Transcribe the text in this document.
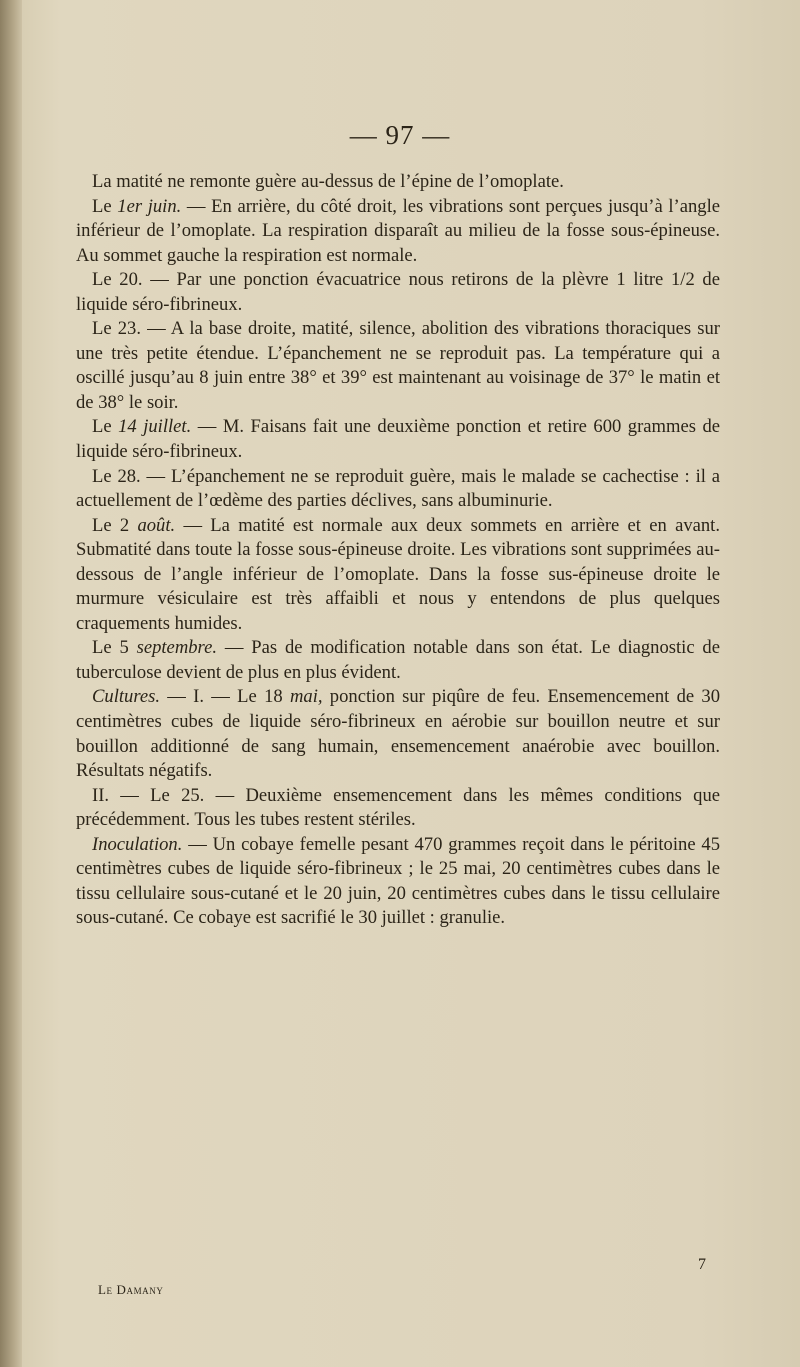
— 97 —

La matité ne remonte guère au-dessus de l’épine de l’omoplate.

Le 1er juin. — En arrière, du côté droit, les vibrations sont perçues jusqu’à l’angle inférieur de l’omoplate. La respiration disparaît au milieu de la fosse sous-épineuse. Au sommet gauche la respiration est normale.

Le 20. — Par une ponction évacuatrice nous retirons de la plèvre 1 litre 1/2 de liquide séro-fibrineux.

Le 23. — A la base droite, matité, silence, abolition des vibrations thoraciques sur une très petite étendue. L’épanchement ne se reproduit pas. La température qui a oscillé jusqu’au 8 juin entre 38° et 39° est maintenant au voisinage de 37° le matin et de 38° le soir.

Le 14 juillet. — M. Faisans fait une deuxième ponction et retire 600 grammes de liquide séro-fibrineux.

Le 28. — L’épanchement ne se reproduit guère, mais le malade se cachectise : il a actuellement de l’œdème des parties déclives, sans albuminurie.

Le 2 août. — La matité est normale aux deux sommets en arrière et en avant. Submatité dans toute la fosse sous-épineuse droite. Les vibrations sont supprimées au-dessous de l’angle inférieur de l’omoplate. Dans la fosse sus-épineuse droite le murmure vésiculaire est très affaibli et nous y entendons de plus quelques craquements humides.

Le 5 septembre. — Pas de modification notable dans son état. Le diagnostic de tuberculose devient de plus en plus évident.

Cultures. — I. — Le 18 mai, ponction sur piqûre de feu. Ensemencement de 30 centimètres cubes de liquide séro-fibrineux en aérobie sur bouillon neutre et sur bouillon additionné de sang humain, ensemencement anaérobie avec bouillon. Résultats négatifs.

II. — Le 25. — Deuxième ensemencement dans les mêmes conditions que précédemment. Tous les tubes restent stériles.

Inoculation. — Un cobaye femelle pesant 470 grammes reçoit dans le péritoine 45 centimètres cubes de liquide séro-fibrineux ; le 25 mai, 20 centimètres cubes dans le tissu cellulaire sous-cutané et le 20 juin, 20 centimètres cubes dans le tissu cellulaire sous-cutané. Ce cobaye est sacrifié le 30 juillet : granulie.

Le Damany
7
